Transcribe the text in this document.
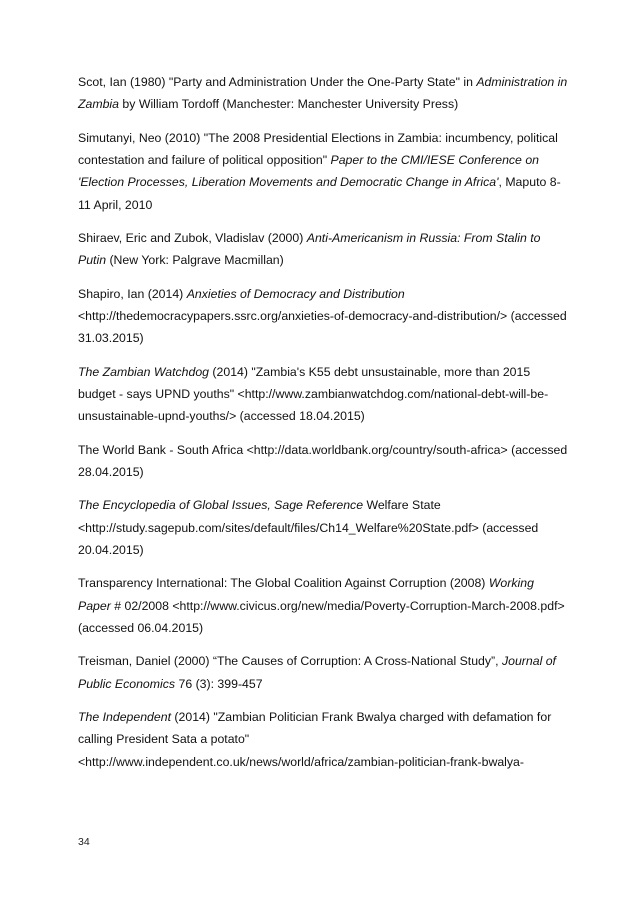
Scot, Ian (1980) "Party and Administration Under the One-Party State" in Administration in Zambia by William Tordoff (Manchester: Manchester University Press)

Simutanyi, Neo (2010) "The 2008 Presidential Elections in Zambia: incumbency, political contestation and failure of political opposition" Paper to the CMI/IESE Conference on 'Election Processes, Liberation Movements and Democratic Change in Africa', Maputo 8-11 April, 2010

Shiraev, Eric and Zubok, Vladislav (2000) Anti-Americanism in Russia: From Stalin to Putin (New York: Palgrave Macmillan)

Shapiro, Ian (2014) Anxieties of Democracy and Distribution <http://thedemocracypapers.ssrc.org/anxieties-of-democracy-and-distribution/> (accessed 31.03.2015)

The Zambian Watchdog (2014) "Zambia's K55 debt unsustainable, more than 2015 budget - says UPND youths" <http://www.zambianwatchdog.com/national-debt-will-be-unsustainable-upnd-youths/> (accessed 18.04.2015)

The World Bank - South Africa <http://data.worldbank.org/country/south-africa> (accessed 28.04.2015)

The Encyclopedia of Global Issues, Sage Reference Welfare State <http://study.sagepub.com/sites/default/files/Ch14_Welfare%20State.pdf> (accessed 20.04.2015)

Transparency International: The Global Coalition Against Corruption (2008) Working Paper # 02/2008 <http://www.civicus.org/new/media/Poverty-Corruption-March-2008.pdf> (accessed 06.04.2015)

Treisman, Daniel (2000) “The Causes of Corruption: A Cross-National Study”, Journal of Public Economics 76 (3): 399-457

The Independent (2014) "Zambian Politician Frank Bwalya charged with defamation for calling President Sata a potato" <http://www.independent.co.uk/news/world/africa/zambian-politician-frank-bwalya-

34
